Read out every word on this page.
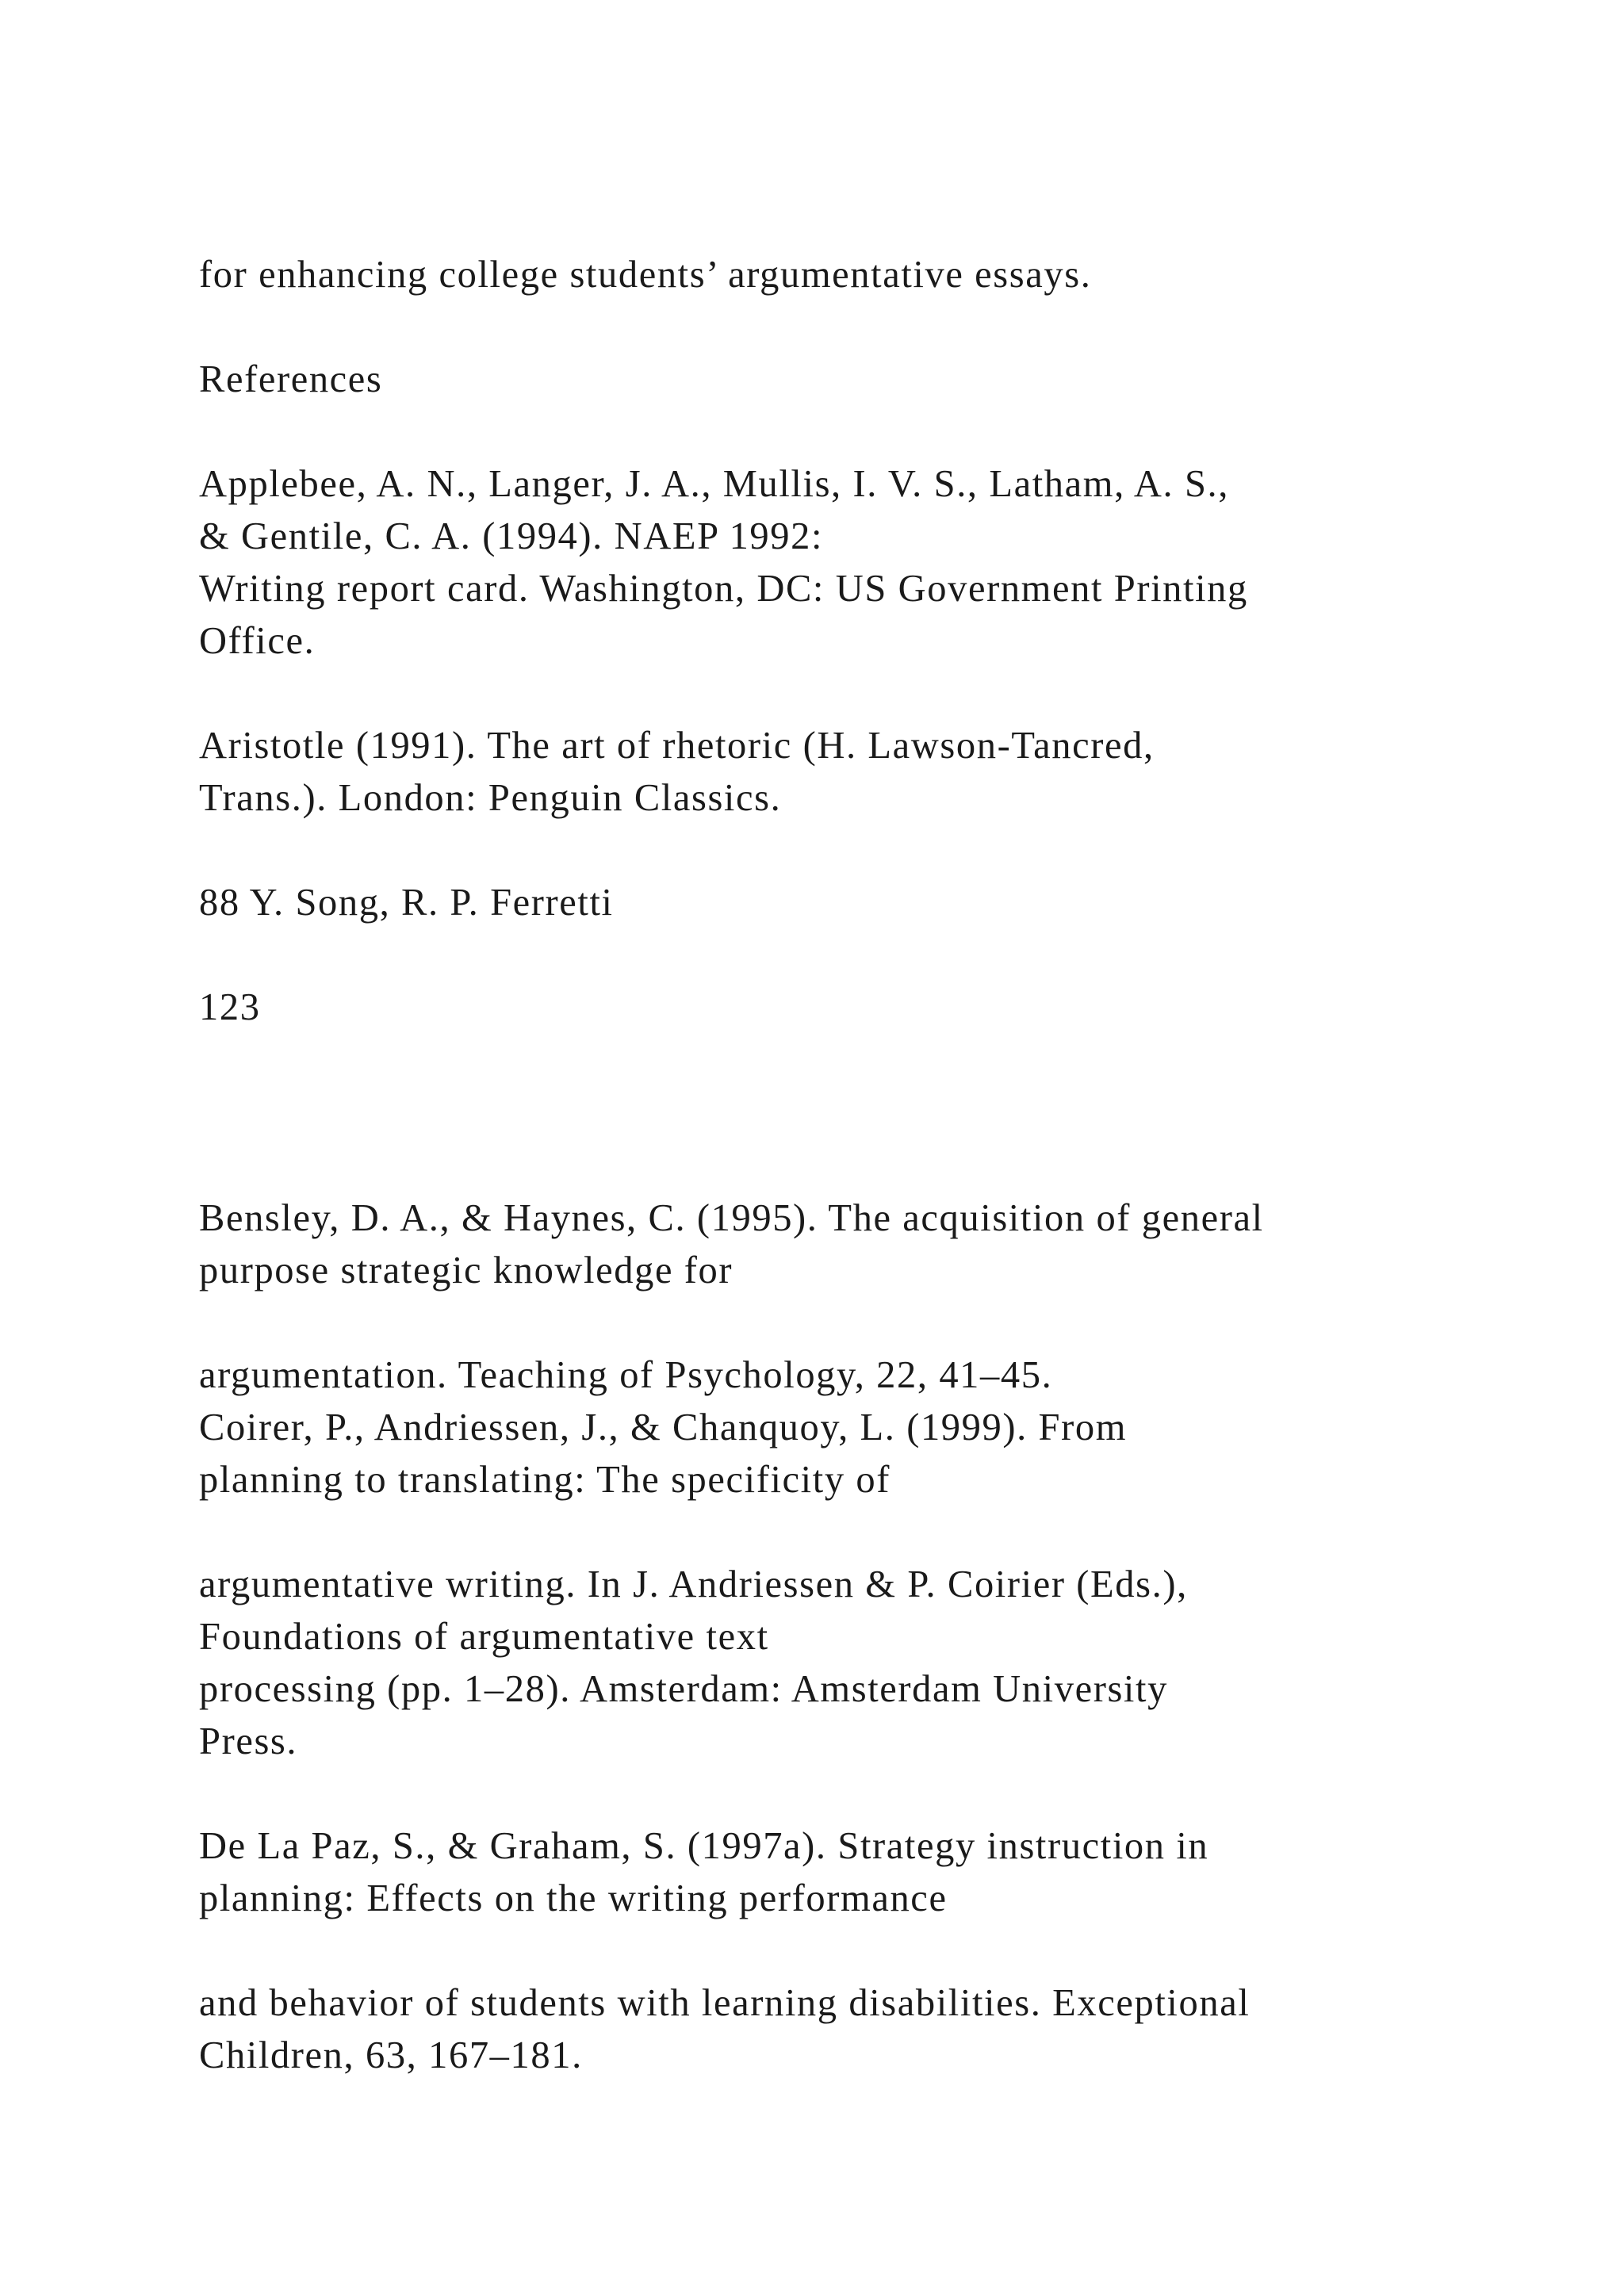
for enhancing college students’ argumentative essays.

References

Applebee, A. N., Langer, J. A., Mullis, I. V. S., Latham, A. S.,

& Gentile, C. A. (1994). NAEP 1992:

Writing report card. Washington, DC: US Government Printing

Office.

Aristotle (1991). The art of rhetoric (H. Lawson-Tancred,

Trans.). London: Penguin Classics.

88 Y. Song, R. P. Ferretti

123

Bensley, D. A., & Haynes, C. (1995). The acquisition of general

purpose strategic knowledge for

argumentation. Teaching of Psychology, 22, 41–45.

Coirer, P., Andriessen, J., & Chanquoy, L. (1999). From

planning to translating: The specificity of

argumentative writing. In J. Andriessen & P. Coirier (Eds.),

Foundations of argumentative text

processing (pp. 1–28). Amsterdam: Amsterdam University

Press.

De La Paz, S., & Graham, S. (1997a). Strategy instruction in

planning: Effects on the writing performance

and behavior of students with learning disabilities. Exceptional

Children, 63, 167–181.
